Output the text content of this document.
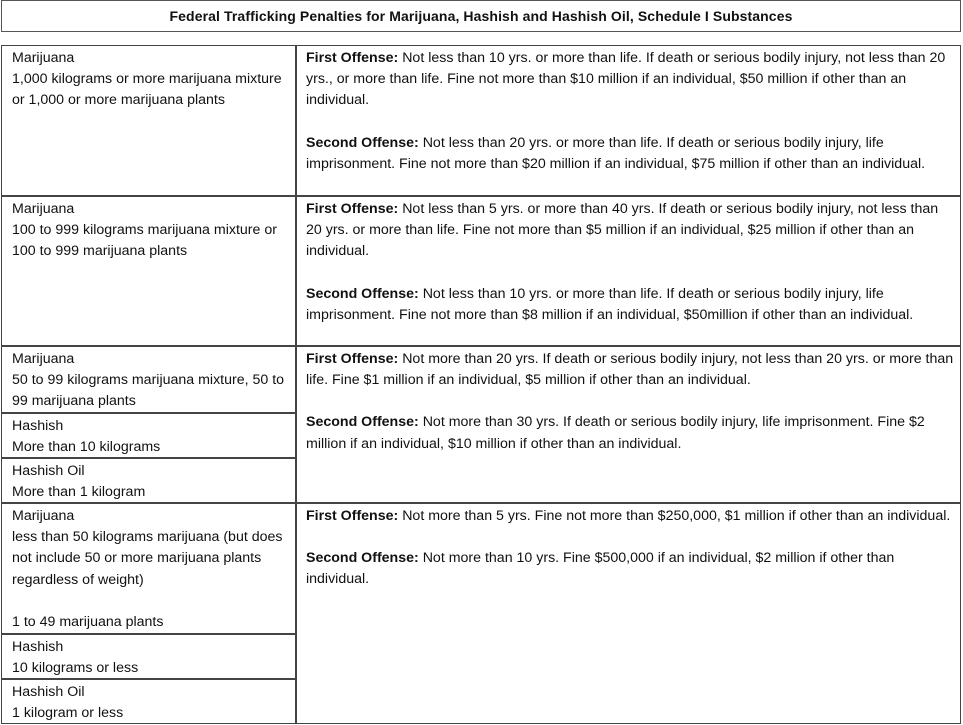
Federal Trafficking Penalties for Marijuana, Hashish and Hashish Oil, Schedule I Substances
Marijuana
1,000 kilograms or more marijuana mixture or 1,000 or more marijuana plants

First Offense: Not less than 10 yrs. or more than life. If death or serious bodily injury, not less than 20 yrs., or more than life. Fine not more than $10 million if an individual, $50 million if other than an individual.

Second Offense: Not less than 20 yrs. or more than life. If death or serious bodily injury, life imprisonment. Fine not more than $20 million if an individual, $75 million if other than an individual.

Marijuana
100 to 999 kilograms marijuana mixture or 100 to 999 marijuana plants

First Offense: Not less than 5 yrs. or more than 40 yrs. If death or serious bodily injury, not less than 20 yrs. or more than life. Fine not more than $5 million if an individual, $25 million if other than an individual.

Second Offense: Not less than 10 yrs. or more than life. If death or serious bodily injury, life imprisonment. Fine not more than $8 million if an individual, $50million if other than an individual.

Marijuana
50 to 99 kilograms marijuana mixture, 50 to 99 marijuana plants
Hashish
More than 10 kilograms
Hashish Oil
More than 1 kilogram

First Offense: Not more than 20 yrs. If death or serious bodily injury, not less than 20 yrs. or more than life. Fine $1 million if an individual, $5 million if other than an individual.

Second Offense: Not more than 30 yrs. If death or serious bodily injury, life imprisonment. Fine $2 million if an individual, $10 million if other than an individual.

Marijuana
less than 50 kilograms marijuana (but does not include 50 or more marijuana plants regardless of weight)
1 to 49 marijuana plants
Hashish
10 kilograms or less
Hashish Oil
1 kilogram or less

First Offense: Not more than 5 yrs. Fine not more than $250,000, $1 million if other than an individual.

Second Offense: Not more than 10 yrs. Fine $500,000 if an individual, $2 million if other than individual.
